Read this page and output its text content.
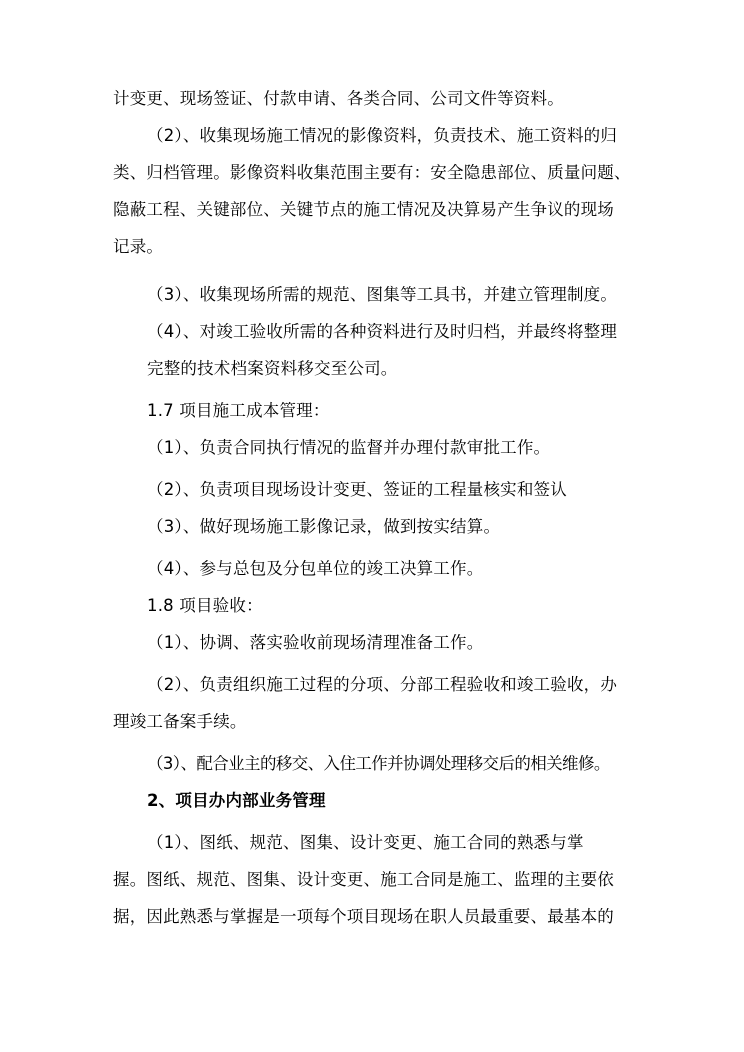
计变更、现场签证、付款申请、各类合同、公司文件等资料。
（2）、收集现场施工情况的影像资料，负责技术、施工资料的归
类、归档管理。影像资料收集范围主要有：安全隐患部位、质量问题、
隐蔽工程、关键部位、关键节点的施工情况及决算易产生争议的现场
记录。
（3）、收集现场所需的规范、图集等工具书，并建立管理制度。
（4）、对竣工验收所需的各种资料进行及时归档，并最终将整理
完整的技术档案资料移交至公司。
1.7 项目施工成本管理：
（1）、负责合同执行情况的监督并办理付款审批工作。
（2）、负责项目现场设计变更、签证的工程量核实和签认
（3）、做好现场施工影像记录，做到按实结算。
（4）、参与总包及分包单位的竣工决算工作。
1.8 项目验收：
（1）、协调、落实验收前现场清理准备工作。
（2）、负责组织施工过程的分项、分部工程验收和竣工验收，办
理竣工备案手续。
（3）、配合业主的移交、入住工作并协调处理移交后的相关维修。
2、项目办内部业务管理
（1）、图纸、规范、图集、设计变更、施工合同的熟悉与掌
握。图纸、规范、图集、设计变更、施工合同是施工、监理的主要依
据，因此熟悉与掌握是一项每个项目现场在职人员最重要、最基本的
